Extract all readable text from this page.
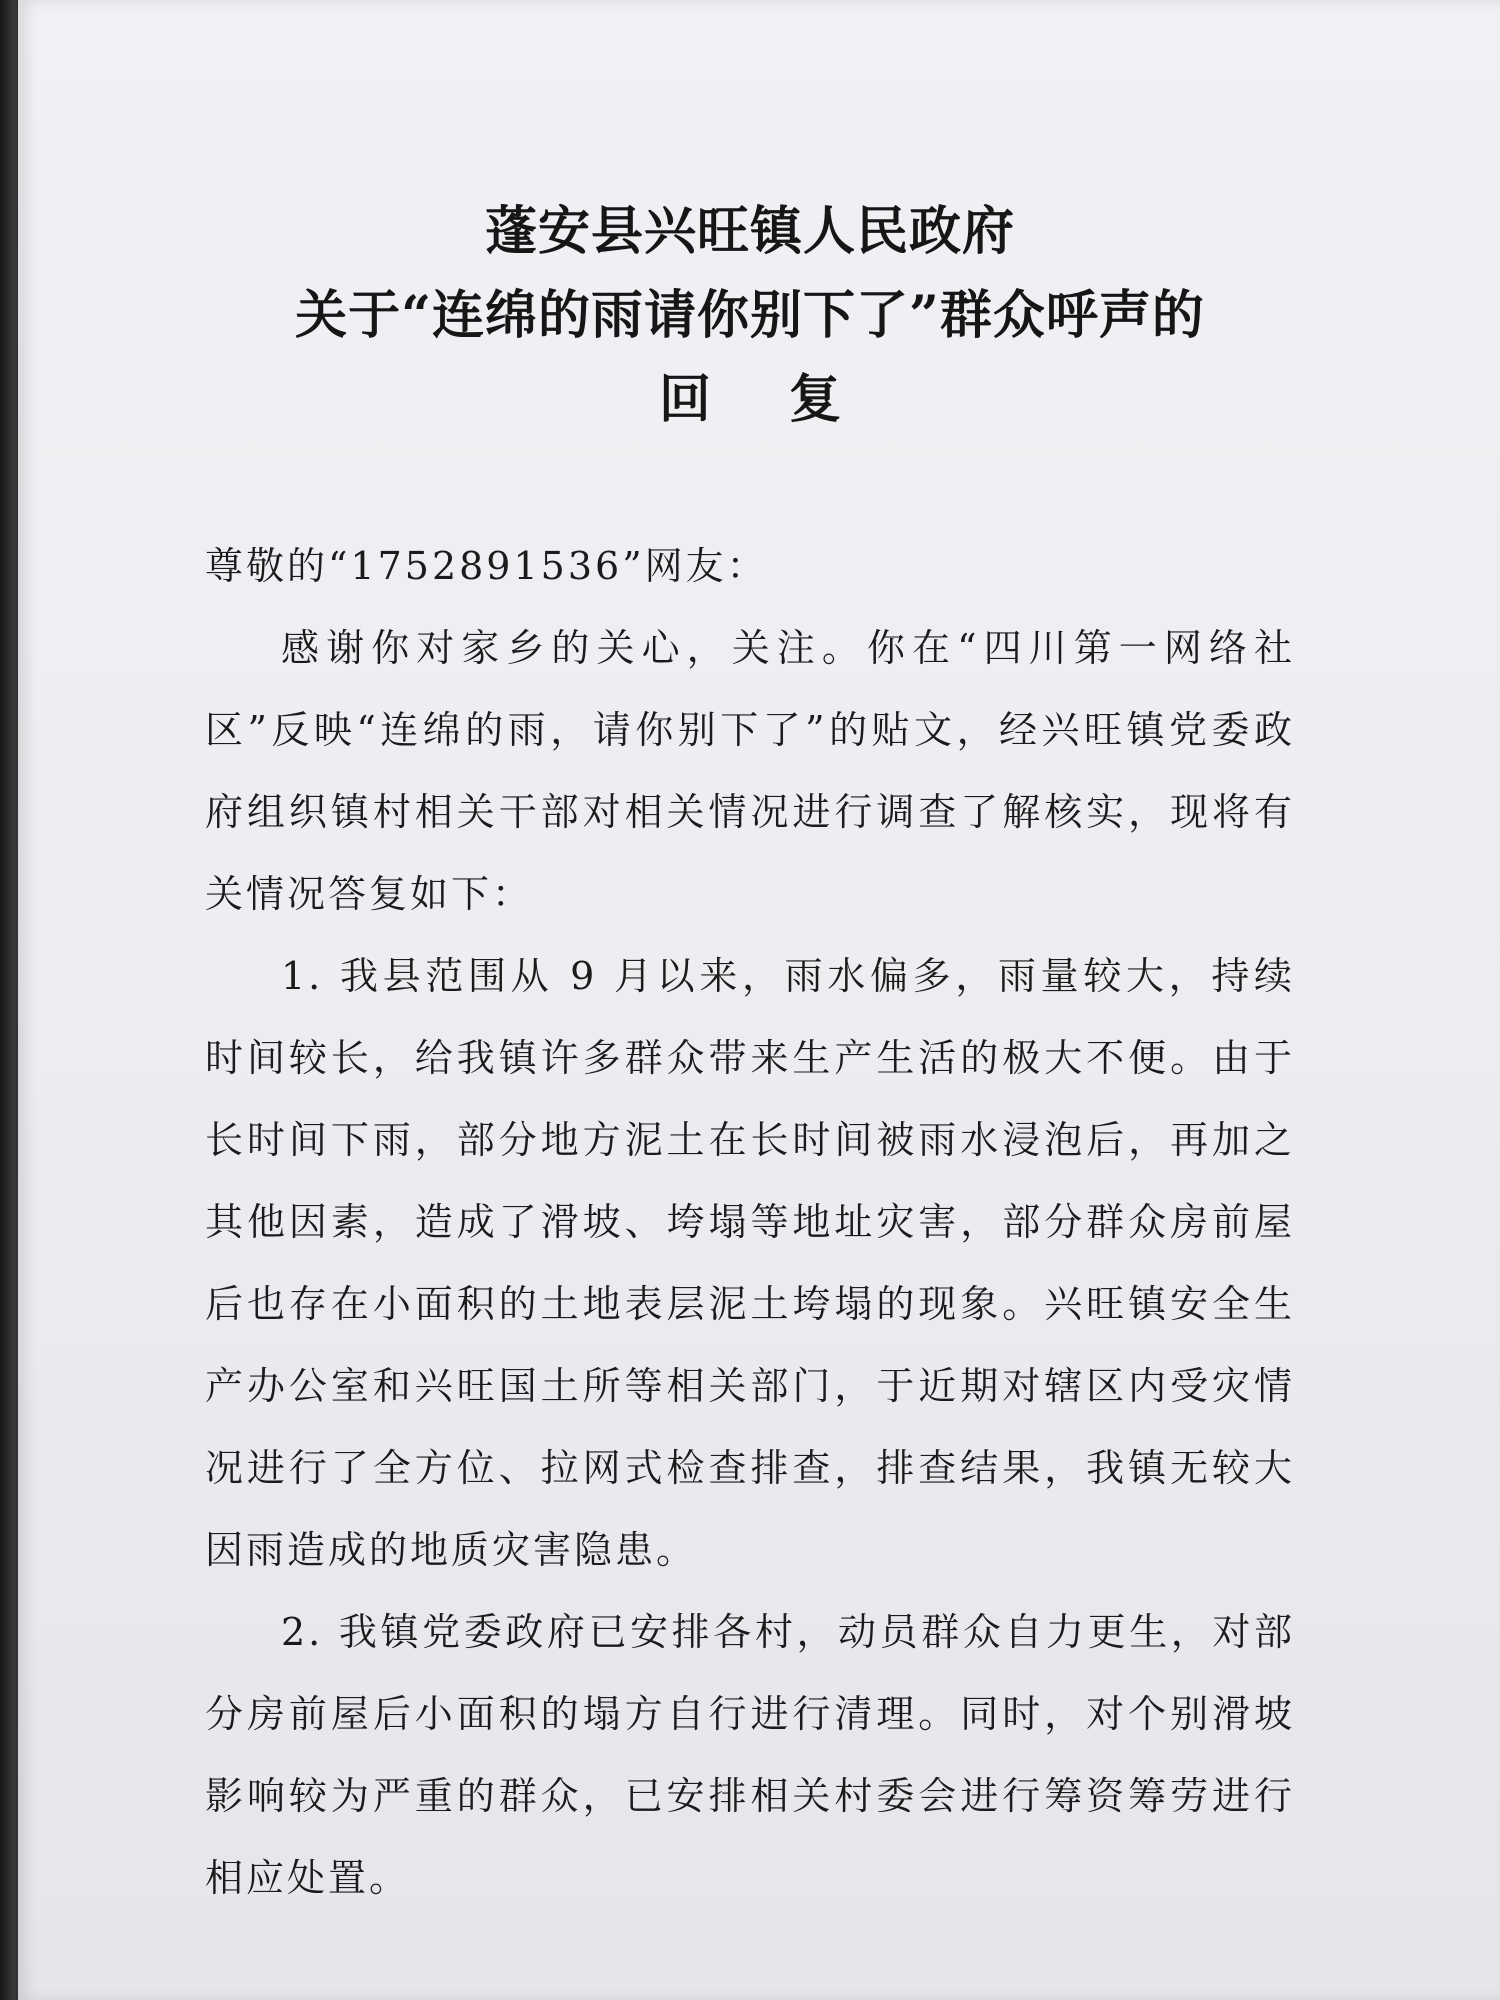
蓬安县兴旺镇人民政府
关于“连绵的雨请你别下了”群众呼声的
回 复

尊敬的“1752891536”网友：

感谢你对家乡的关心，关注。你在“四川第一网络社区”反映“连绵的雨，请你别下了”的贴文，经兴旺镇党委政府组织镇村相关干部对相关情况进行调查了解核实，现将有关情况答复如下：

1. 我县范围从 9 月以来，雨水偏多，雨量较大，持续时间较长，给我镇许多群众带来生产生活的极大不便。由于长时间下雨，部分地方泥土在长时间被雨水浸泡后，再加之其他因素，造成了滑坡、垮塌等地址灾害，部分群众房前屋后也存在小面积的土地表层泥土垮塌的现象。兴旺镇安全生产办公室和兴旺国土所等相关部门，于近期对辖区内受灾情况进行了全方位、拉网式检查排查，排查结果，我镇无较大因雨造成的地质灾害隐患。

2. 我镇党委政府已安排各村，动员群众自力更生，对部分房前屋后小面积的塌方自行进行清理。同时，对个别滑坡影响较为严重的群众，已安排相关村委会进行筹资筹劳进行相应处置。
